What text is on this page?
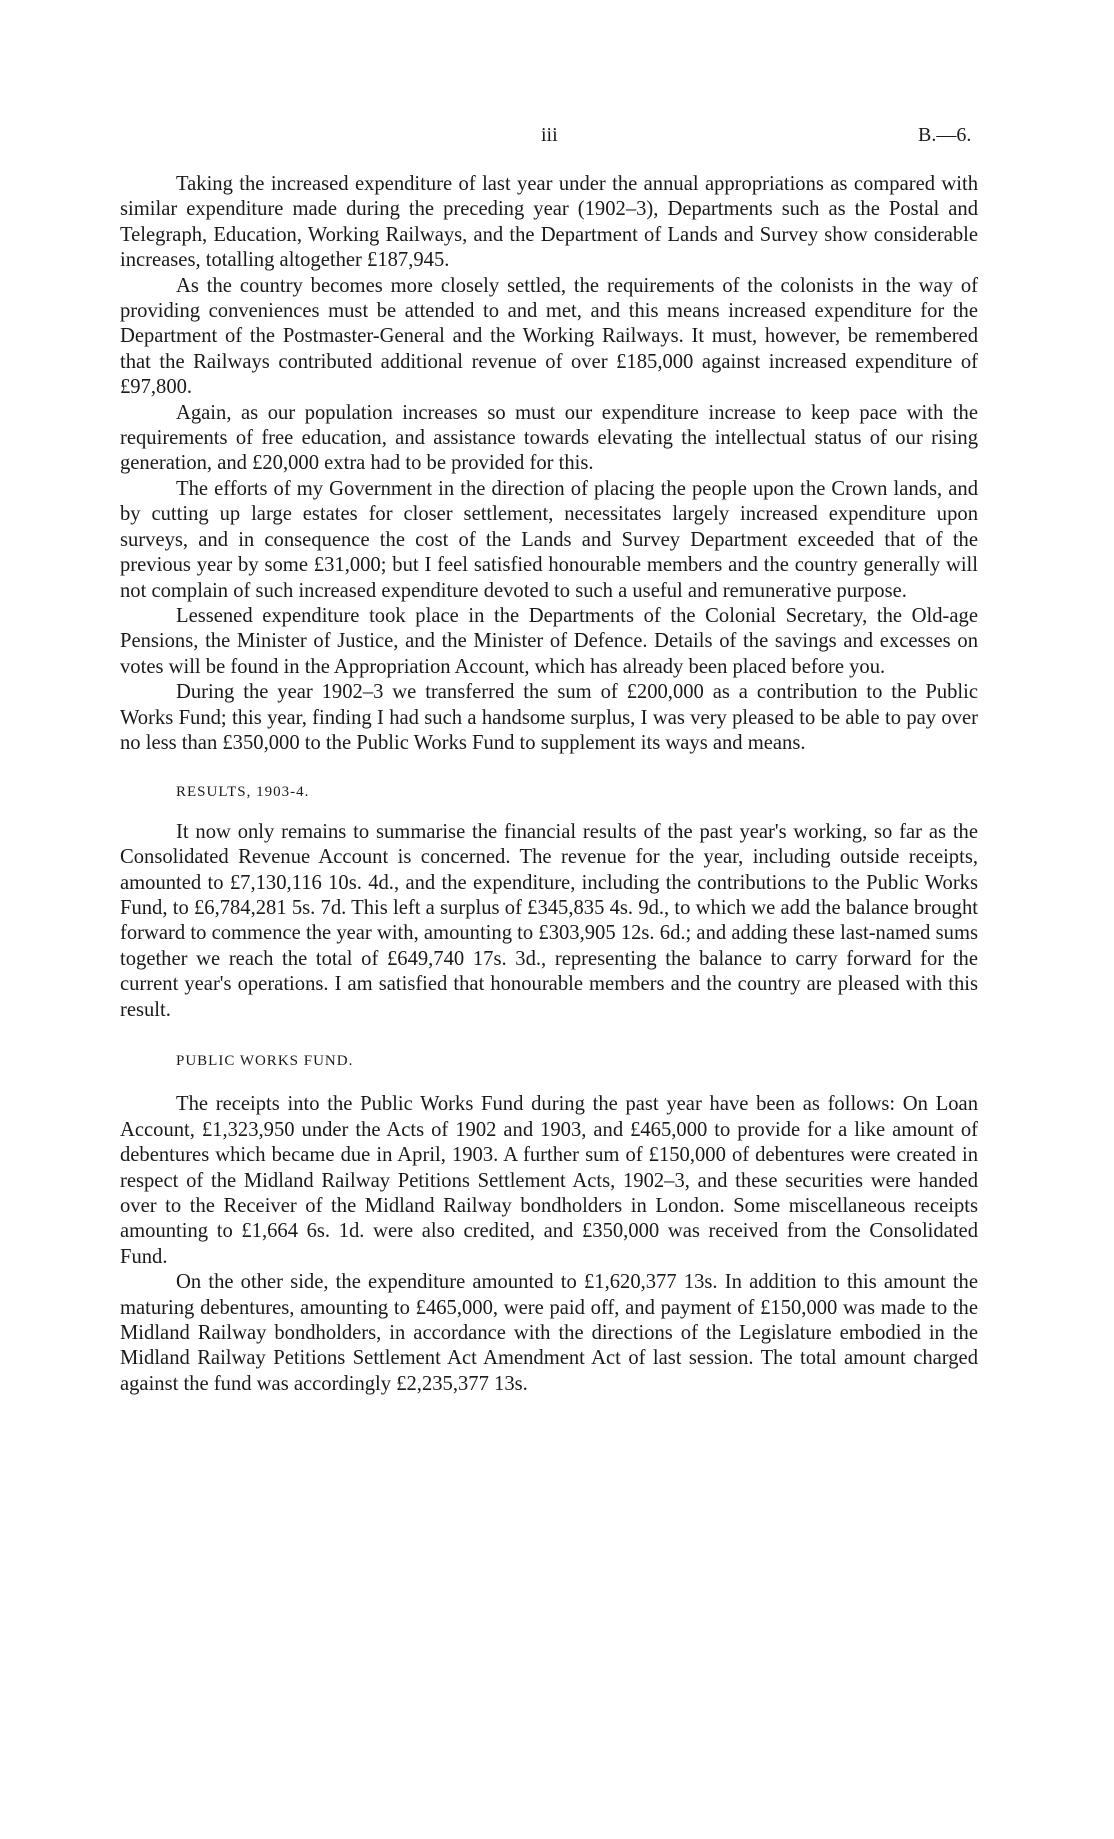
iii	B.—6.

Taking the increased expenditure of last year under the annual appropriations as compared with similar expenditure made during the preceding year (1902–3), Departments such as the Postal and Telegraph, Education, Working Railways, and the Department of Lands and Survey show considerable increases, totalling altogether £187,945.

As the country becomes more closely settled, the requirements of the colonists in the way of providing conveniences must be attended to and met, and this means increased expenditure for the Department of the Postmaster-General and the Working Railways. It must, however, be remembered that the Railways contributed additional revenue of over £185,000 against increased expenditure of £97,800.

Again, as our population increases so must our expenditure increase to keep pace with the requirements of free education, and assistance towards elevating the intellectual status of our rising generation, and £20,000 extra had to be provided for this.

The efforts of my Government in the direction of placing the people upon the Crown lands, and by cutting up large estates for closer settlement, necessitates largely increased expenditure upon surveys, and in consequence the cost of the Lands and Survey Department exceeded that of the previous year by some £31,000; but I feel satisfied honourable members and the country generally will not complain of such increased expenditure devoted to such a useful and remunerative purpose.

Lessened expenditure took place in the Departments of the Colonial Secretary, the Old-age Pensions, the Minister of Justice, and the Minister of Defence. Details of the savings and excesses on votes will be found in the Appropriation Account, which has already been placed before you.

During the year 1902–3 we transferred the sum of £200,000 as a contribution to the Public Works Fund; this year, finding I had such a handsome surplus, I was very pleased to be able to pay over no less than £350,000 to the Public Works Fund to supplement its ways and means.

RESULTS, 1903-4.

It now only remains to summarise the financial results of the past year's working, so far as the Consolidated Revenue Account is concerned. The revenue for the year, including outside receipts, amounted to £7,130,116 10s. 4d., and the expenditure, including the contributions to the Public Works Fund, to £6,784,281 5s. 7d. This left a surplus of £345,835 4s. 9d., to which we add the balance brought forward to commence the year with, amounting to £303,905 12s. 6d.; and adding these last-named sums together we reach the total of £649,740 17s. 3d., representing the balance to carry forward for the current year's operations. I am satisfied that honourable members and the country are pleased with this result.

PUBLIC WORKS FUND.

The receipts into the Public Works Fund during the past year have been as follows: On Loan Account, £1,323,950 under the Acts of 1902 and 1903, and £465,000 to provide for a like amount of debentures which became due in April, 1903. A further sum of £150,000 of debentures were created in respect of the Midland Railway Petitions Settlement Acts, 1902–3, and these securities were handed over to the Receiver of the Midland Railway bondholders in London. Some miscellaneous receipts amounting to £1,664 6s. 1d. were also credited, and £350,000 was received from the Consolidated Fund.

On the other side, the expenditure amounted to £1,620,377 13s. In addition to this amount the maturing debentures, amounting to £465,000, were paid off, and payment of £150,000 was made to the Midland Railway bondholders, in accordance with the directions of the Legislature embodied in the Midland Railway Petitions Settlement Act Amendment Act of last session. The total amount charged against the fund was accordingly £2,235,377 13s.
